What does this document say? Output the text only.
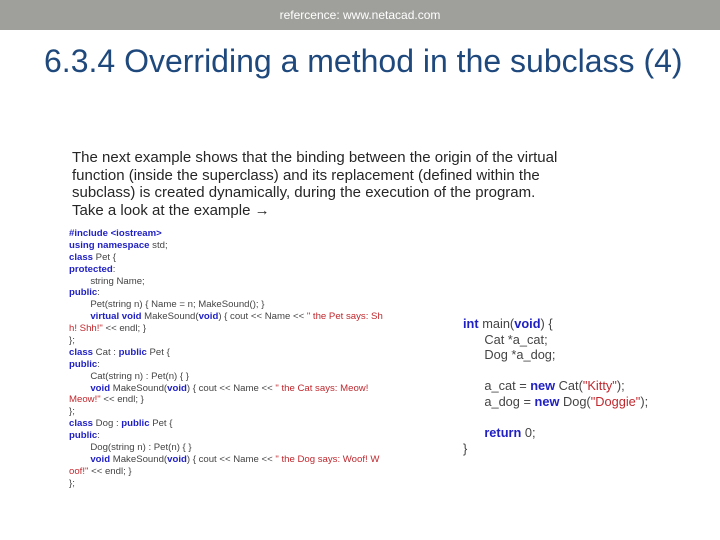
refercence: www.netacad.com
6.3.4 Overriding a method in the subclass (4)
The next example shows that the binding between the origin of the virtual
function (inside the superclass) and its replacement (defined within the
subclass) is created dynamically, during the execution of the program.
Take a look at the example →
#include <iostream>
using namespace std;
class Pet {
protected:
string Name;
public:
Pet(string n) { Name = n; MakeSound(); }
virtual void MakeSound(void) { cout << Name << " the Pet says: Sh
h! Shh!" << endl; }
};
class Cat : public Pet {
public:
Cat(string n) : Pet(n) { }
void MakeSound(void) { cout << Name << " the Cat says: Meow!
Meow!" << endl; }
};
class Dog : public Pet {
public:
Dog(string n) : Pet(n) { }
void MakeSound(void) { cout << Name << " the Dog says: Woof! W
oof!" << endl; }
};
int main(void) {
Cat *a_cat;
Dog *a_dog;
a_cat = new Cat("Kitty");
a_dog = new Dog("Doggie");
return 0;
}
